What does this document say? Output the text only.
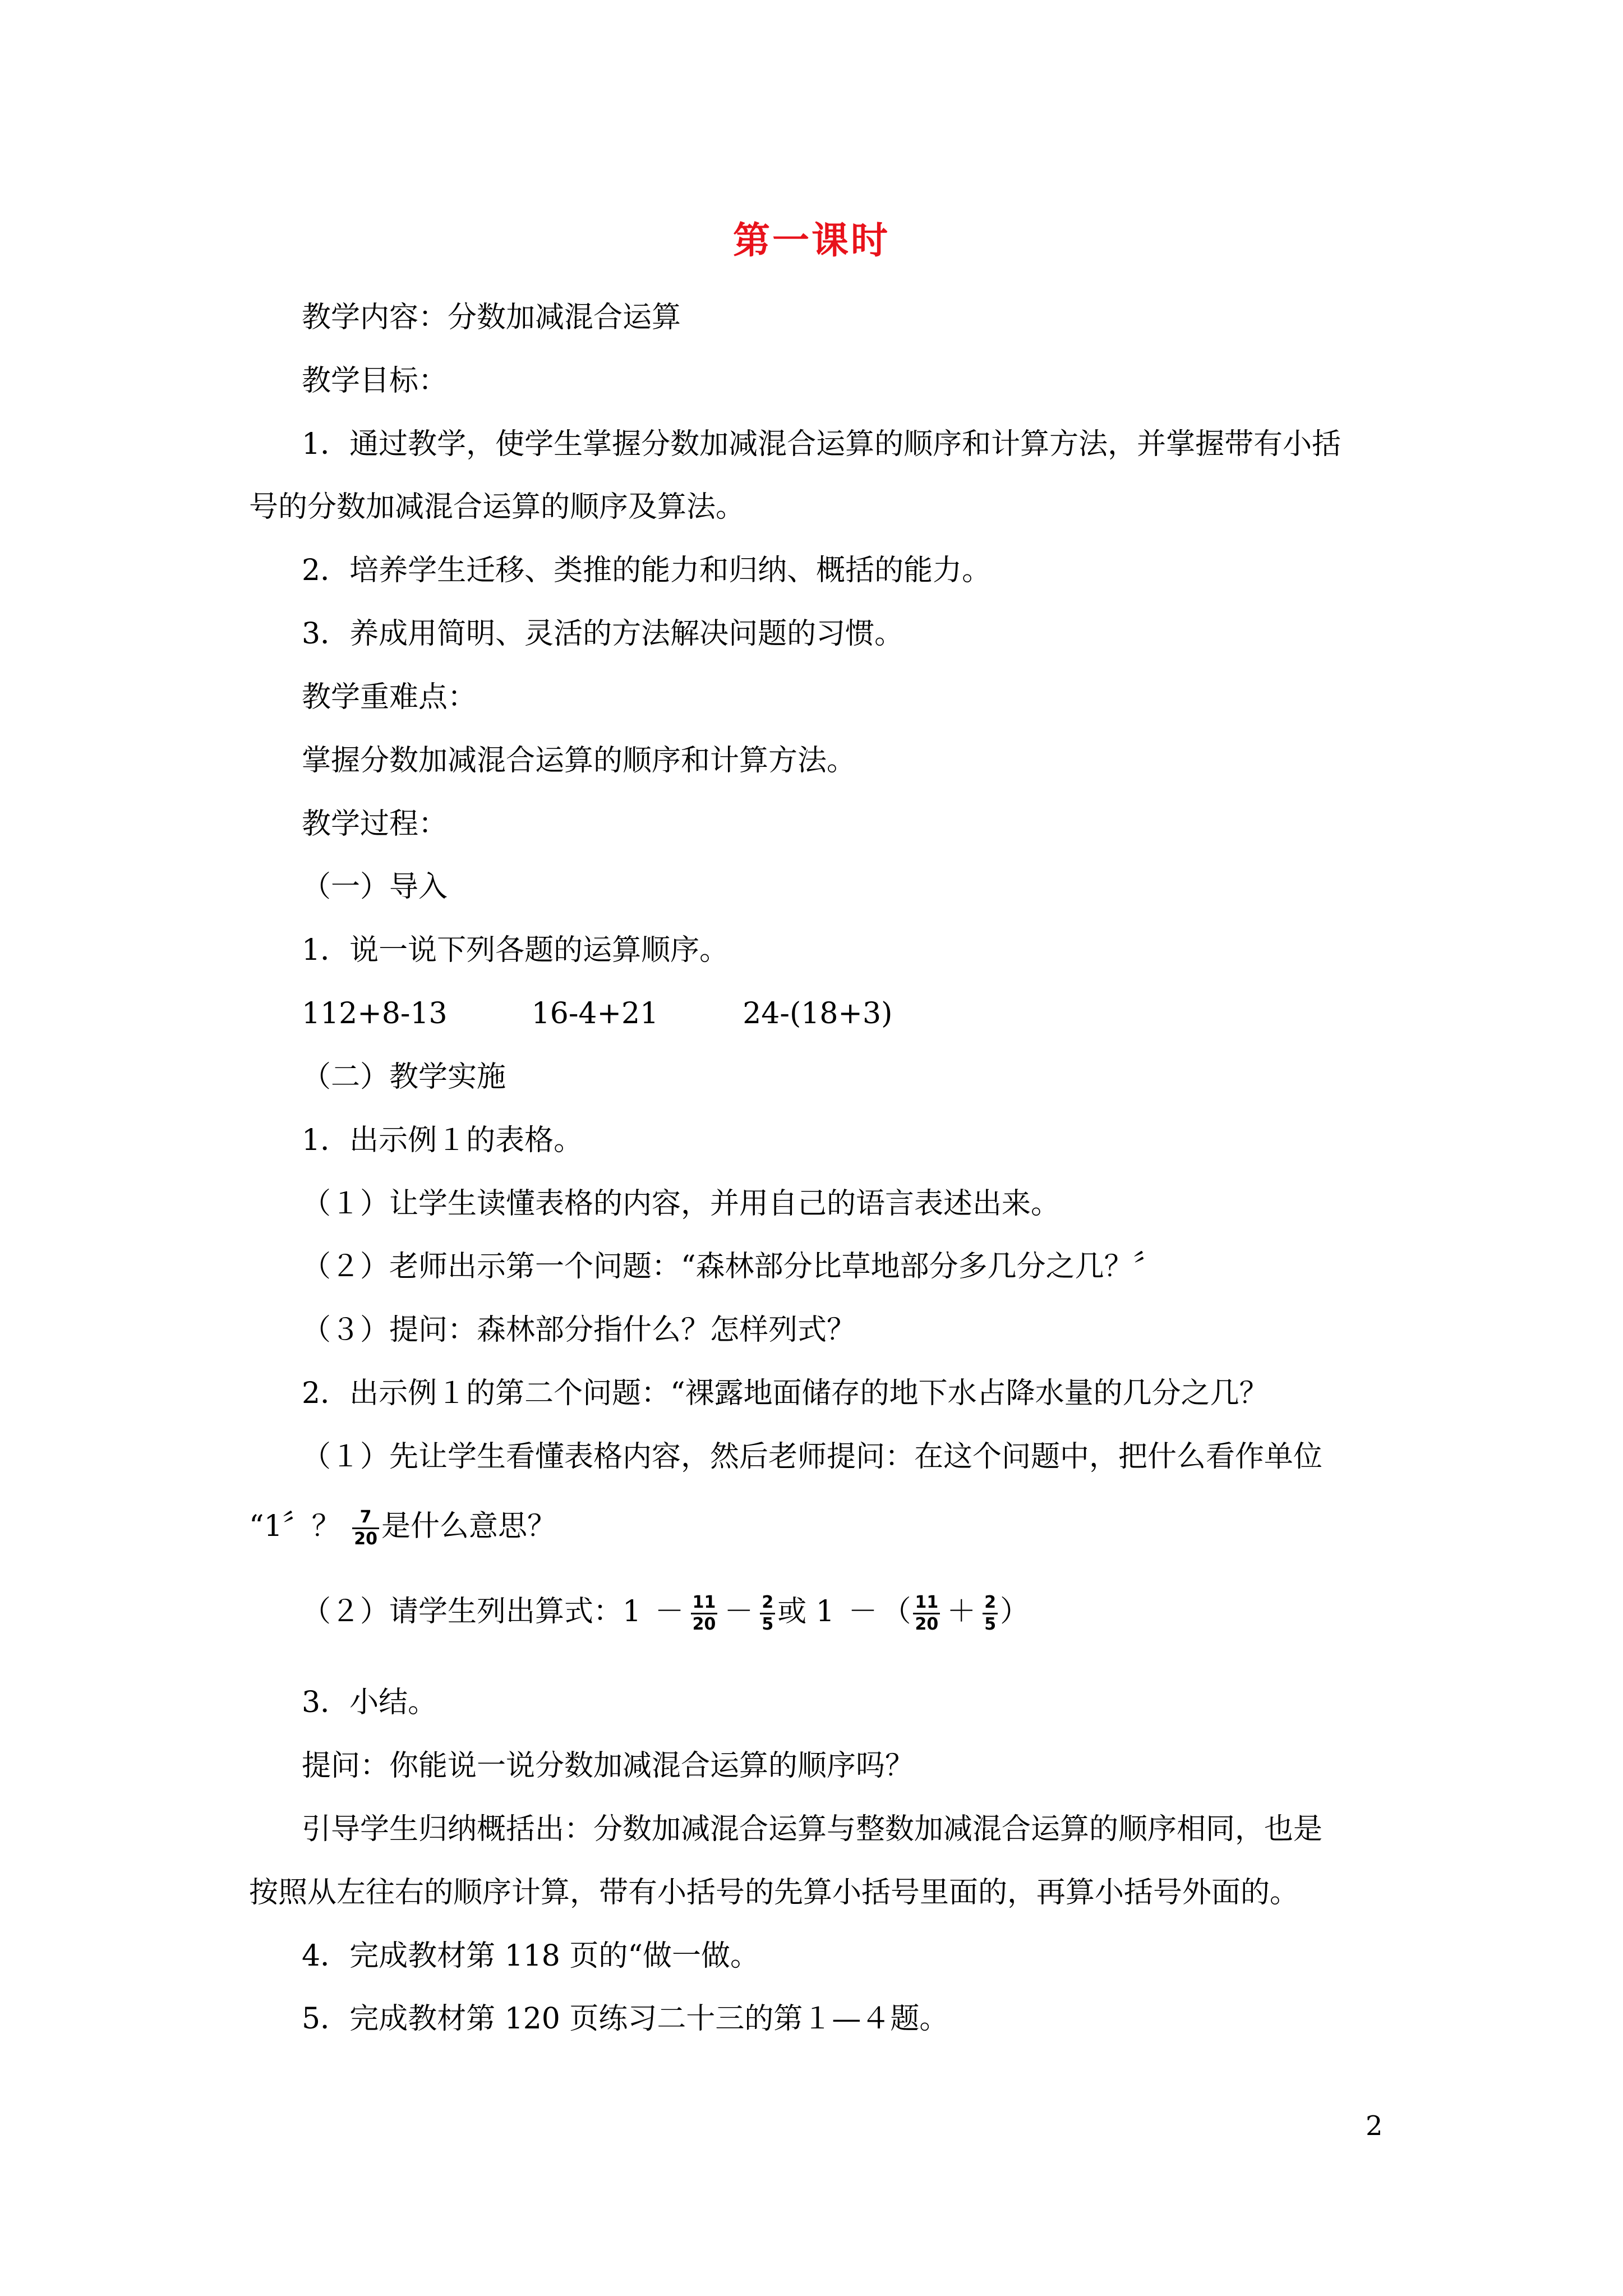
第一课时
教学内容：分数加减混合运算
教学目标：
1．通过教学，使学生掌握分数加减混合运算的顺序和计算方法，并掌握带有小括
号的分数加减混合运算的顺序及算法。
2．培养学生迁移、类推的能力和归纳、概括的能力。
3．养成用简明、灵活的方法解决问题的习惯。
教学重难点：
掌握分数加减混合运算的顺序和计算方法。
教学过程：
（一）导入
1．说一说下列各题的运算顺序。
112+8-13	16-4+21	24-(18+3)
（二）教学实施
1．出示例１的表格。
（１）让学生读懂表格的内容，并用自己的语言表述出来。
（２）老师出示第一个问题：“森林部分比草地部分多几分之几？〞
（３）提问：森林部分指什么？怎样列式？
2．出示例１的第二个问题：“裸露地面储存的地下水占降水量的几分之几？
（１）先让学生看懂表格内容，然后老师提问：在这个问题中，把什么看作单位
“1〞？ $\frac{7}{20}$ 是什么意思？
（２）请学生列出算式：$1 - \frac{11}{20} - \frac{2}{5}$ 或 1 － （ $\frac{11}{20} + \frac{2}{5}$ ）
3．小结。
提问：你能说一说分数加减混合运算的顺序吗？
引导学生归纳概括出：分数加减混合运算与整数加减混合运算的顺序相同，也是
按照从左往右的顺序计算，带有小括号的先算小括号里面的，再算小括号外面的。
4．完成教材第 118 页的“做一做。
5．完成教材第 120 页练习二十三的第１—４题。
2
